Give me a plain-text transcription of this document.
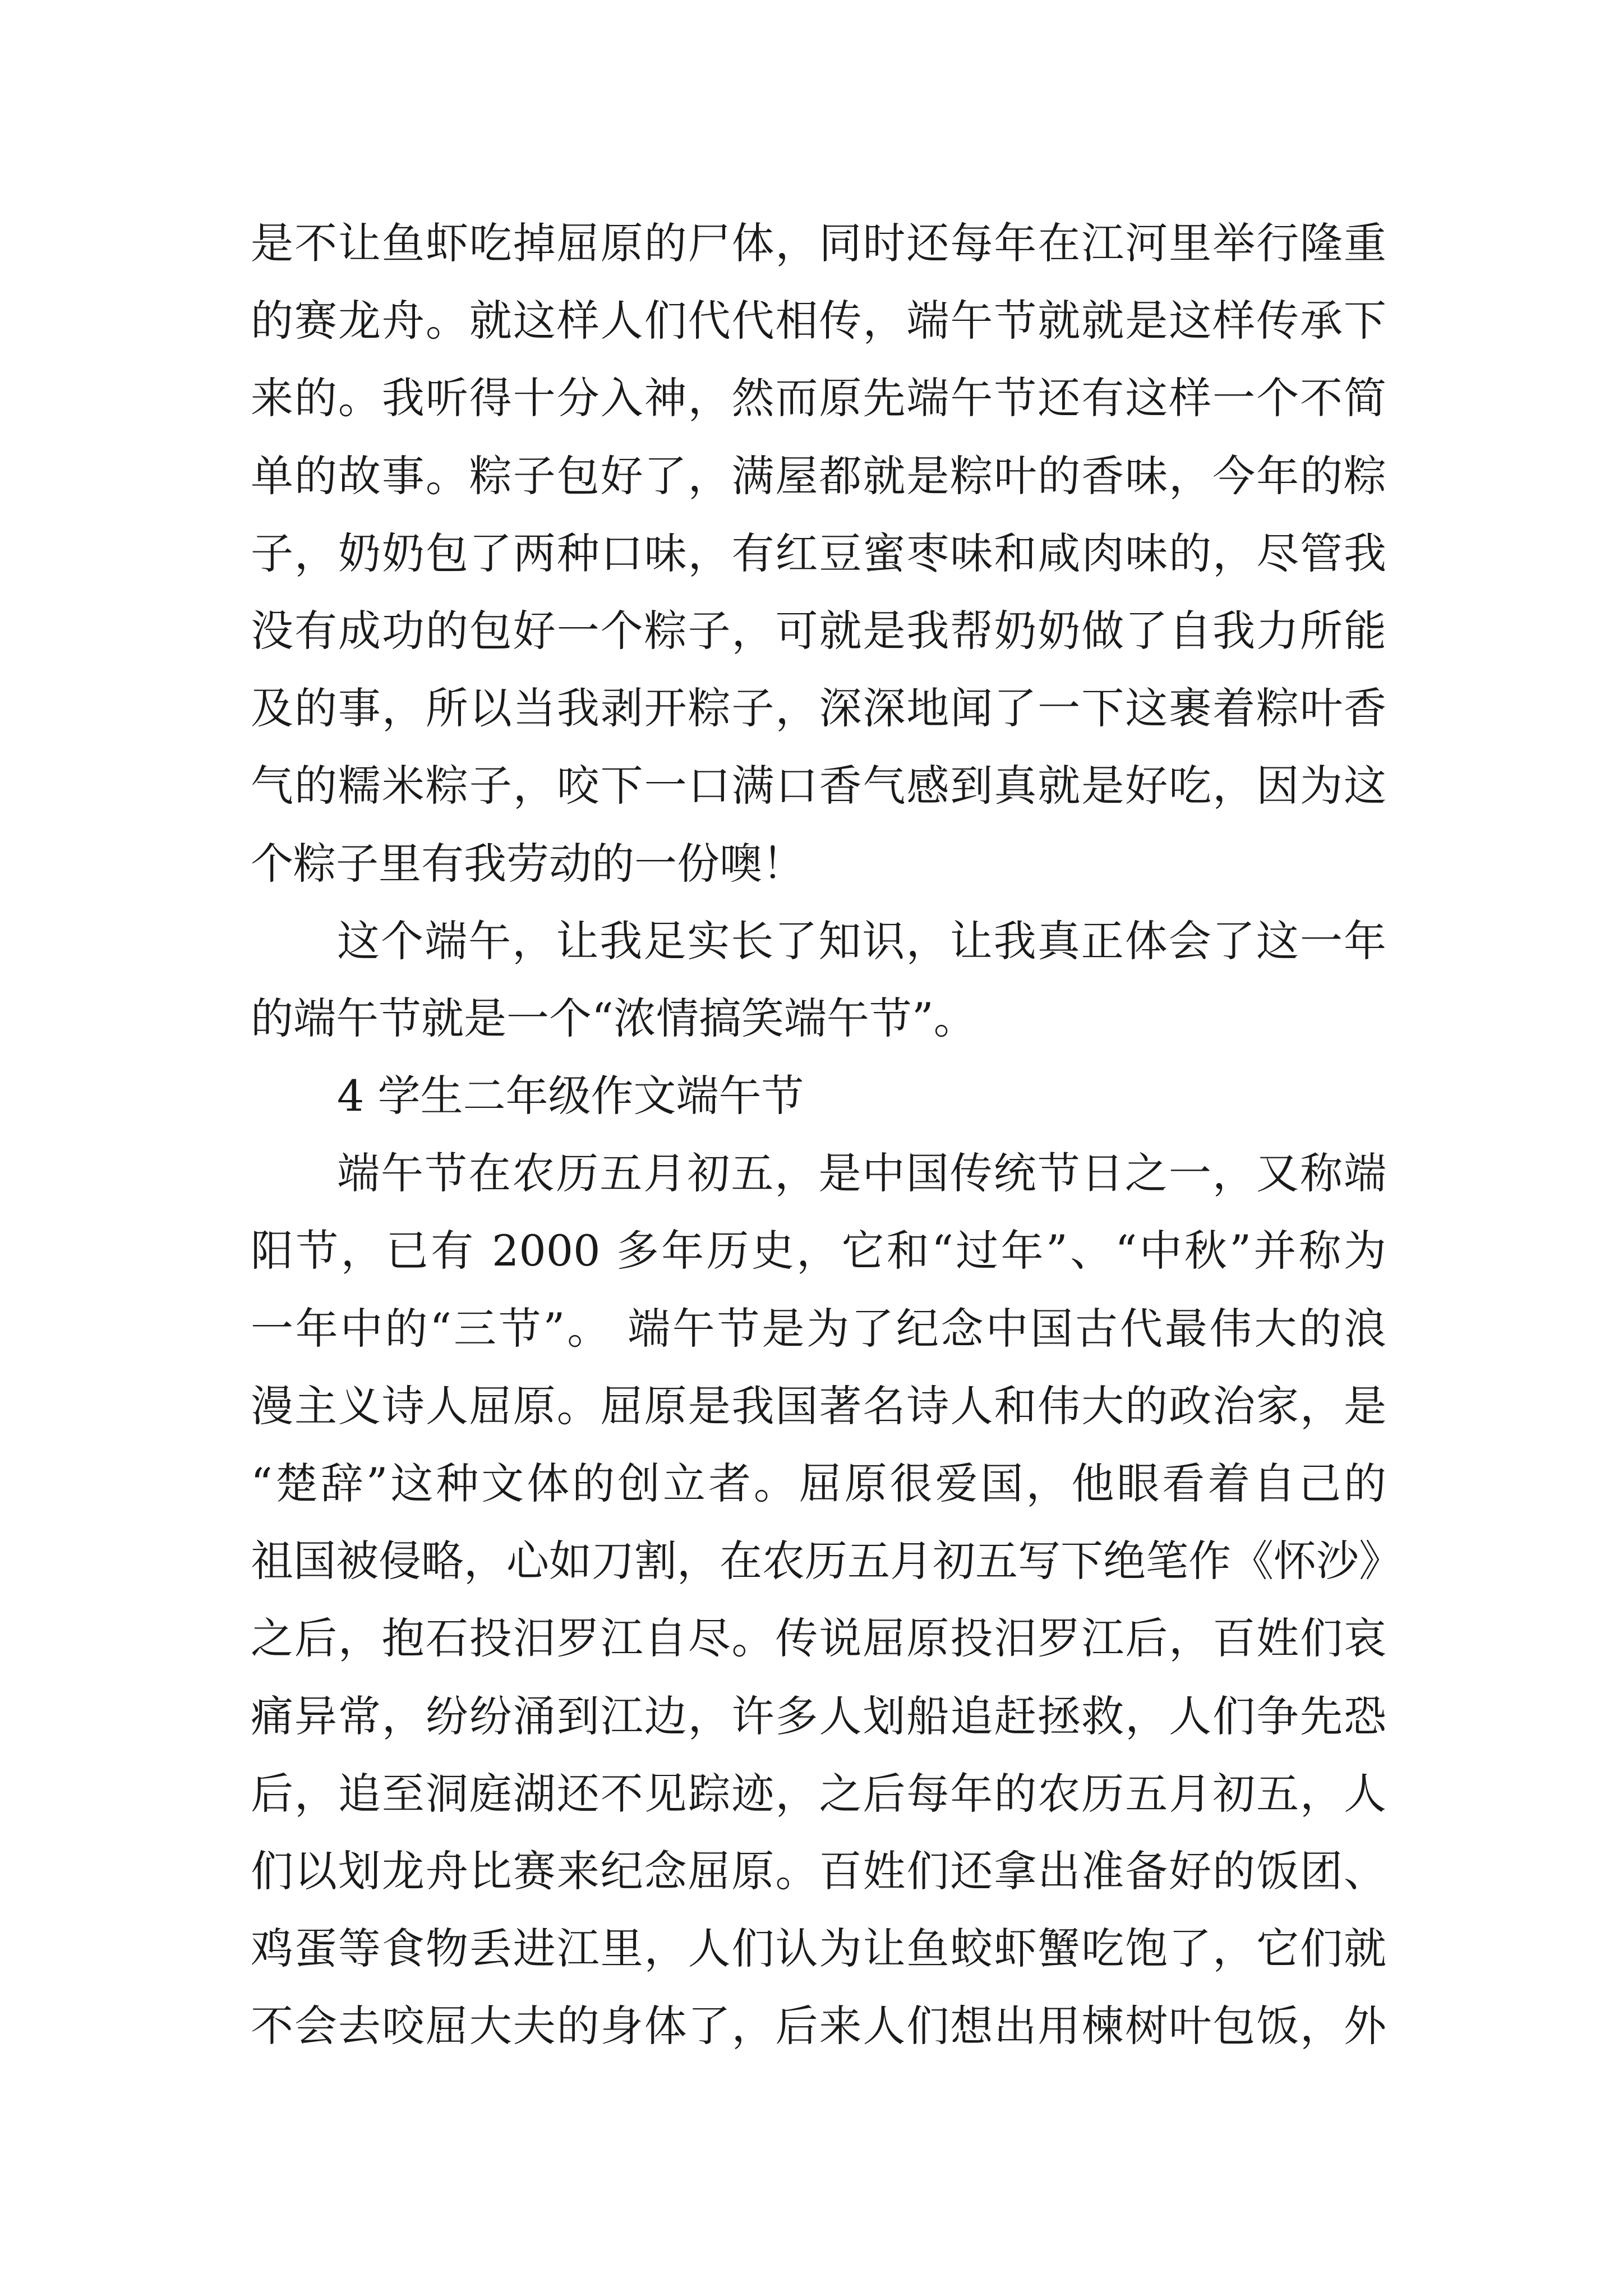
是不让鱼虾吃掉屈原的尸体，同时还每年在江河里举行隆重
的赛龙舟。就这样人们代代相传，端午节就就是这样传承下
来的。我听得十分入神，然而原先端午节还有这样一个不简
单的故事。粽子包好了，满屋都就是粽叶的香味，今年的粽
子，奶奶包了两种口味，有红豆蜜枣味和咸肉味的，尽管我
没有成功的包好一个粽子，可就是我帮奶奶做了自我力所能
及的事，所以当我剥开粽子，深深地闻了一下这裹着粽叶香
气的糯米粽子，咬下一口满口香气感到真就是好吃，因为这
个粽子里有我劳动的一份噢！
这个端午，让我足实长了知识，让我真正体会了这一年
的端午节就是一个“浓情搞笑端午节”。
4 学生二年级作文端午节
端午节在农历五月初五，是中国传统节日之一，又称端
阳节，已有 2000 多年历史，它和“过年”、“中秋”并称为
一年中的“三节”。 端午节是为了纪念中国古代最伟大的浪
漫主义诗人屈原。屈原是我国著名诗人和伟大的政治家，是
“楚辞”这种文体的创立者。屈原很爱国，他眼看着自己的
祖国被侵略，心如刀割，在农历五月初五写下绝笔作《怀沙》
之后，抱石投汨罗江自尽。传说屈原投汨罗江后，百姓们哀
痛异常，纷纷涌到江边，许多人划船追赶拯救，人们争先恐
后，追至洞庭湖还不见踪迹，之后每年的农历五月初五，人
们以划龙舟比赛来纪念屈原。百姓们还拿出准备好的饭团、
鸡蛋等食物丢进江里，人们认为让鱼蛟虾蟹吃饱了，它们就
不会去咬屈大夫的身体了，后来人们想出用楝树叶包饭，外
